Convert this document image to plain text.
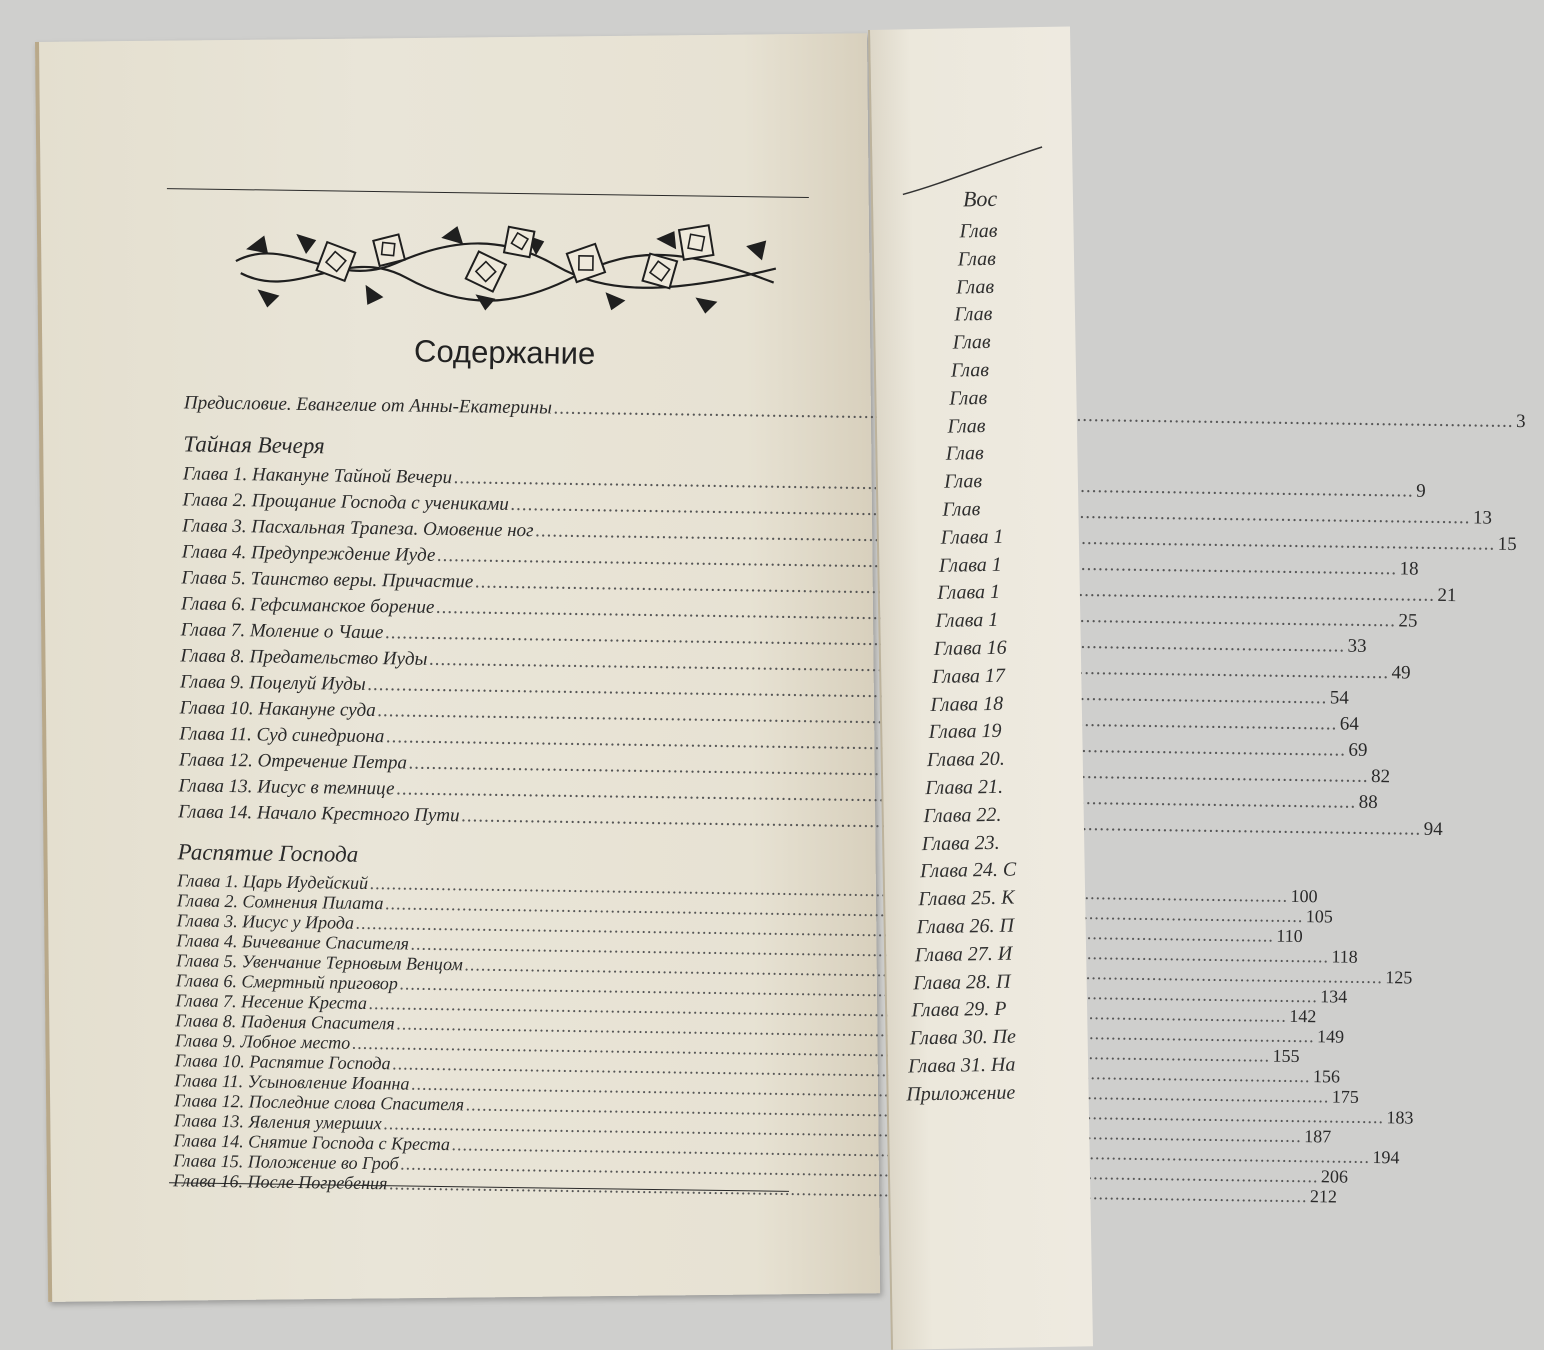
Содержание
Предисловие. Евангелие от Анны-Екатерины
.....
3
Тайная Вечеря
Глава 1. Накануне Тайной Вечери
.....
9
Глава 2. Прощание Господа с учениками
.....
13
Глава 3. Пасхальная Трапеза. Омовение ног
.....
15
Глава 4. Предупреждение Иуде
.....
18
Глава 5. Таинство веры. Причастие
.....
21
Глава 6. Гефсиманское борение
.....
25
Глава 7. Моление о Чаше
.....
33
Глава 8. Предательство Иуды
.....
49
Глава 9. Поцелуй Иуды
.....
54
Глава 10. Накануне суда
.....
64
Глава 11. Суд синедриона
.....
69
Глава 12. Отречение Петра
.....
82
Глава 13. Иисус в темнице
.....
88
Глава 14. Начало Крестного Пути
.....
94
Распятие Господа
Глава 1. Царь Иудейский
.....
100
Глава 2. Сомнения Пилата
.....
105
Глава 3. Иисус у Ирода
.....
110
Глава 4. Бичевание Спасителя
.....
118
Глава 5. Увенчание Терновым Венцом
.....
125
Глава 6. Смертный приговор
.....
134
Глава 7. Несение Креста
.....
142
Глава 8. Падения Спасителя
.....
149
Глава 9. Лобное место
.....
155
Глава 10. Распятие Господа
.....
156
Глава 11. Усыновление Иоанна
.....
175
Глава 12. Последние слова Спасителя
.....
183
Глава 13. Явления умерших
.....
187
Глава 14. Снятие Господа с Креста
.....
194
Глава 15. Положение во Гроб
.....
206
Глава 16. После Погребения
.....
212
Вос
Глав
Глав
Глав
Глав
Глав
Глав
Глав
Глав
Глав
Глав
Глав
Глава 1
Глава 1
Глава 1
Глава 1
Глава 16
Глава 17
Глава 18
Глава 19
Глава 20.
Глава 21.
Глава 22.
Глава 23.
Глава 24. С
Глава 25. К
Глава 26. П
Глава 27. И
Глава 28. П
Глава 29. Р
Глава 30. Пе
Глава 31. На
Приложение
